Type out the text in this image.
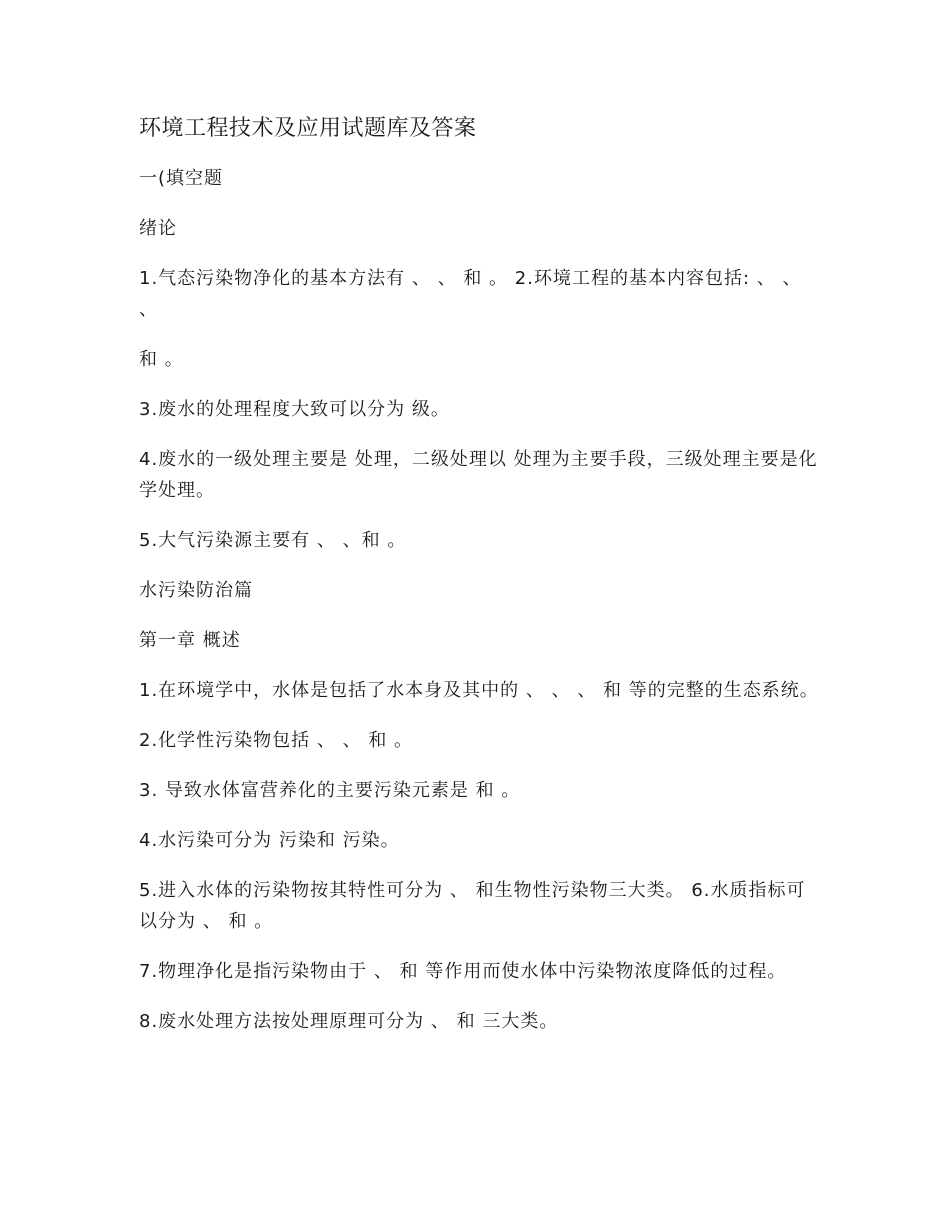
环境工程技术及应用试题库及答案

一(填空题

绪论

1.气态污染物净化的基本方法有 、 、 和 。 2.环境工程的基本内容包括: 、 、 、

和 。

3.废水的处理程度大致可以分为 级。

4.废水的一级处理主要是 处理，二级处理以 处理为主要手段，三级处理主要是化学处理。

5.大气污染源主要有 、 、和 。

水污染防治篇

第一章 概述

1.在环境学中，水体是包括了水本身及其中的 、 、 、 和 等的完整的生态系统。

2.化学性污染物包括 、 、 和 。

3. 导致水体富营养化的主要污染元素是 和 。

4.水污染可分为 污染和 污染。

5.进入水体的污染物按其特性可分为 、 和生物性污染物三大类。 6.水质指标可以分为 、 和 。

7.物理净化是指污染物由于 、 和 等作用而使水体中污染物浓度降低的过程。

8.废水处理方法按处理原理可分为 、 和 三大类。
